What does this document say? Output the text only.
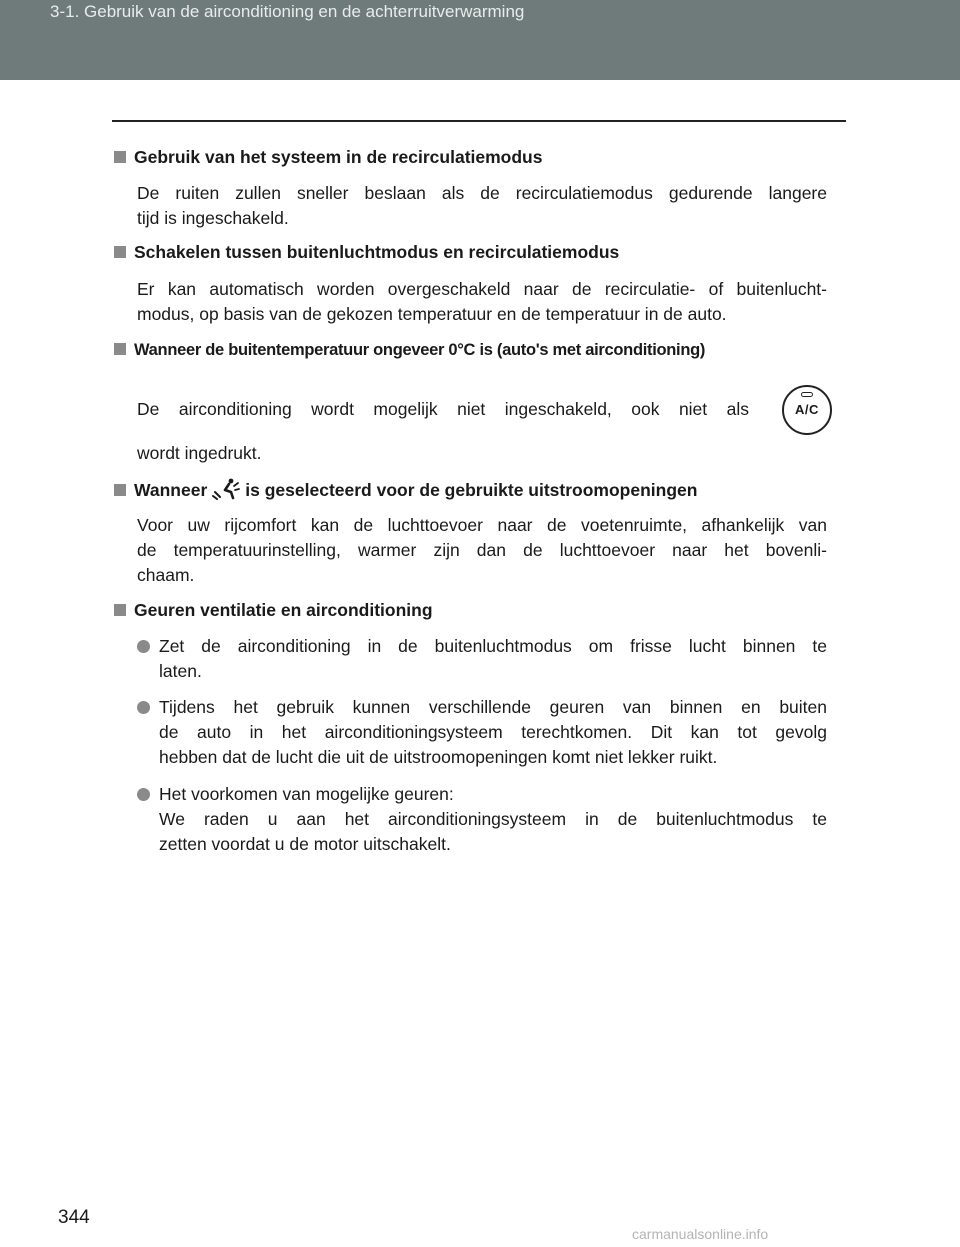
3-1. Gebruik van de airconditioning en de achterruitverwarming
Gebruik van het systeem in de recirculatiemodus
De ruiten zullen sneller beslaan als de recirculatiemodus gedurende langere
tijd is ingeschakeld.
Schakelen tussen buitenluchtmodus en recirculatiemodus
Er kan automatisch worden overgeschakeld naar de recirculatie- of buitenlucht-
modus, op basis van de gekozen temperatuur en de temperatuur in de auto.
Wanneer de buitentemperatuur ongeveer 0°C is (auto's met airconditioning)
De airconditioning wordt mogelijk niet ingeschakeld, ook niet als
wordt ingedrukt.
A/C
Wanneer is geselecteerd voor de gebruikte uitstroomopeningen
Voor uw rijcomfort kan de luchttoevoer naar de voetenruimte, afhankelijk van
de temperatuurinstelling, warmer zijn dan de luchttoevoer naar het bovenli-
chaam.
Geuren ventilatie en airconditioning
Zet de airconditioning in de buitenluchtmodus om frisse lucht binnen te
laten.
Tijdens het gebruik kunnen verschillende geuren van binnen en buiten
de auto in het airconditioningsysteem terechtkomen. Dit kan tot gevolg
hebben dat de lucht die uit de uitstroomopeningen komt niet lekker ruikt.
Het voorkomen van mogelijke geuren:
We raden u aan het airconditioningsysteem in de buitenluchtmodus te
zetten voordat u de motor uitschakelt.
344
carmanualsonline.info
